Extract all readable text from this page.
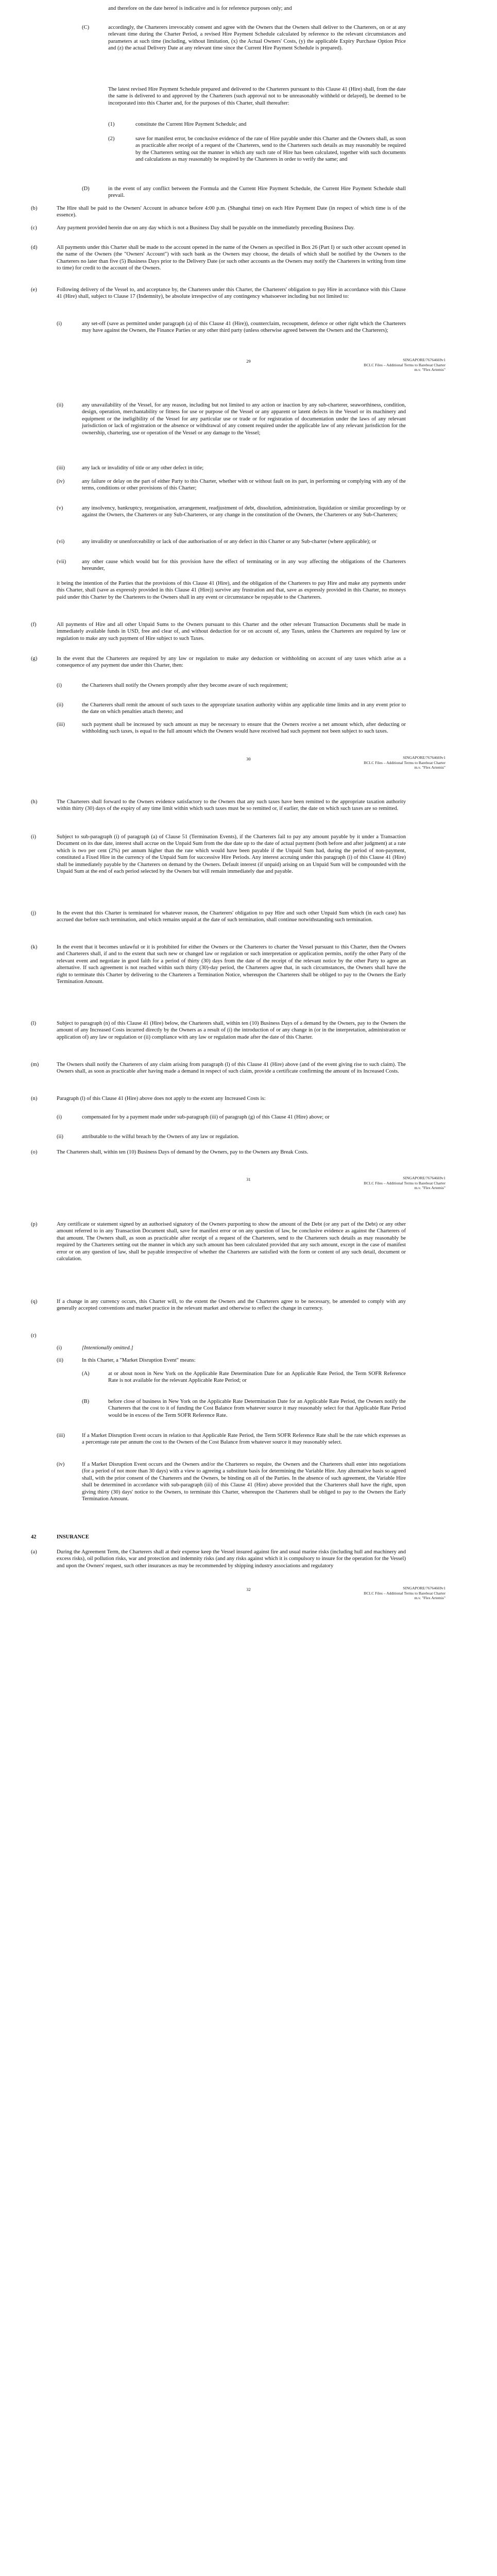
and therefore on the date hereof is indicative and is for reference purposes only; and
(C)	accordingly, the Charterers irrevocably consent and agree with the Owners that the Owners shall deliver to the Charterers, on or at any relevant time during the Charter Period, a revised Hire Payment Schedule calculated by reference to the relevant circumstances and parameters at such time (including, without limitation, (x) the Actual Owners' Costs, (y) the applicable Expiry Purchase Option Price and (z) the actual Delivery Date at any relevant time since the Current Hire Payment Schedule is prepared).
The latest revised Hire Payment Schedule prepared and delivered to the Charterers pursuant to this Clause 41 (Hire) shall, from the date the same is delivered to and approved by the Charterers (such approval not to be unreasonably withheld or delayed), be deemed to be incorporated into this Charter and, for the purposes of this Charter, shall thereafter:
(1)	constitute the Current Hire Payment Schedule; and
(2)	save for manifest error, be conclusive evidence of the rate of Hire payable under this Charter and the Owners shall, as soon as practicable after receipt of a request of the Charterers, send to the Charterers such details as may reasonably be required by the Charterers setting out the manner in which any such rate of Hire has been calculated, together with such documents and calculations as may reasonably be required by the Charterers in order to verify the same; and
(D)	in the event of any conflict between the Formula and the Current Hire Payment Schedule, the Current Hire Payment Schedule shall prevail.
(b)	The Hire shall be paid to the Owners' Account in advance before 4:00 p.m. (Shanghai time) on each Hire Payment Date (in respect of which time is of the essence).
(c)	Any payment provided herein due on any day which is not a Business Day shall be payable on the immediately preceding Business Day.
(d)	All payments under this Charter shall be made to the account opened in the name of the Owners as specified in Box 26 (Part I) or such other account opened in the name of the Owners (the "Owners' Account") with such bank as the Owners may choose, the details of which shall be notified by the Owners to the Charterers no later than five (5) Business Days prior to the Delivery Date (or such other accounts as the Owners may notify the Charterers in writing from time to time) for credit to the account of the Owners.
(e)	Following delivery of the Vessel to, and acceptance by, the Charterers under this Charter, the Charterers' obligation to pay Hire in accordance with this Clause 41 (Hire) shall, subject to Clause 17 (Indemnity), be absolute irrespective of any contingency whatsoever including but not limited to:
(i)	any set-off (save as permitted under paragraph (a) of this Clause 41 (Hire)), counterclaim, recoupment, defence or other right which the Charterers may have against the Owners, the Finance Parties or any other third party (unless otherwise agreed between the Owners and the Charterers);
29	SINGAPORE/76764669v1
BCLC Files – Additional Terms to Bareboat Charter
m.v. "Flex Artemis"
(ii)	any unavailability of the Vessel, for any reason, including but not limited to any action or inaction by any sub-charterer, seaworthiness, condition, design, operation, merchantability or fitness for use or purpose of the Vessel or any apparent or latent defects in the Vessel or its machinery and equipment or the ineligibility of the Vessel for any particular use or trade or for registration of documentation under the laws of any relevant jurisdiction or lack of registration or the absence or withdrawal of any consent required under the applicable law of any relevant jurisdiction for the ownership, chartering, use or operation of the Vessel or any damage to the Vessel;
(iii)	any lack or invalidity of title or any other defect in title;
(iv)	any failure or delay on the part of either Party to this Charter, whether with or without fault on its part, in performing or complying with any of the terms, conditions or other provisions of this Charter;
(v)	any insolvency, bankruptcy, reorganisation, arrangement, readjustment of debt, dissolution, administration, liquidation or similar proceedings by or against the Owners, the Charterers or any Sub-Charterers, or any change in the constitution of the Owners, the Charterers or any Sub-Charterers;
(vi)	any invalidity or unenforceability or lack of due authorisation of or any defect in this Charter or any Sub-charter (where applicable); or
(vii)	any other cause which would but for this provision have the effect of terminating or in any way affecting the obligations of the Charterers hereunder,
it being the intention of the Parties that the provisions of this Clause 41 (Hire), and the obligation of the Charterers to pay Hire and make any payments under this Charter, shall (save as expressly provided in this Clause 41 (Hire)) survive any frustration and that, save as expressly provided in this Charter, no moneys paid under this Charter by the Charterers to the Owners shall in any event or circumstance be repayable to the Charterers.
(f)	All payments of Hire and all other Unpaid Sums to the Owners pursuant to this Charter and the other relevant Transaction Documents shall be made in immediately available funds in USD, free and clear of, and without deduction for or on account of, any Taxes, unless the Charterers are required by law or regulation to make any such payment of Hire subject to such Taxes.
(g)	In the event that the Charterers are required by any law or regulation to make any deduction or withholding on account of any taxes which arise as a consequence of any payment due under this Charter, then:
(i)	the Charterers shall notify the Owners promptly after they become aware of such requirement;
(ii)	the Charterers shall remit the amount of such taxes to the appropriate taxation authority within any applicable time limits and in any event prior to the date on which penalties attach thereto; and
(iii)	such payment shall be increased by such amount as may be necessary to ensure that the Owners receive a net amount which, after deducting or withholding such taxes, is equal to the full amount which the Owners would have received had such payment not been subject to such taxes.
30	SINGAPORE/76764669v1
BCLC Files – Additional Terms to Bareboat Charter
m.v. "Flex Artemis"
(h)	The Charterers shall forward to the Owners evidence satisfactory to the Owners that any such taxes have been remitted to the appropriate taxation authority within thirty (30) days of the expiry of any time limit within which such taxes must be so remitted or, if earlier, the date on which such taxes are so remitted.
(i)	Subject to sub-paragraph (i) of paragraph (a) of Clause 51 (Termination Events), if the Charterers fail to pay any amount payable by it under a Transaction Document on its due date, interest shall accrue on the Unpaid Sum from the due date up to the date of actual payment (both before and after judgment) at a rate which is two per cent (2%) per annum higher than the rate which would have been payable if the Unpaid Sum had, during the period of non-payment, constituted a Fixed Hire in the currency of the Unpaid Sum for successive Hire Periods. Any interest accruing under this paragraph (i) of this Clause 41 (Hire) shall be immediately payable by the Charterers on demand by the Owners. Default interest (if unpaid) arising on an Unpaid Sum will be compounded with the Unpaid Sum at the end of each period selected by the Owners but will remain immediately due and payable.
(j)	In the event that this Charter is terminated for whatever reason, the Charterers' obligation to pay Hire and such other Unpaid Sum which (in each case) has accrued due before such termination, and which remains unpaid at the date of such termination, shall continue notwithstanding such termination.
(k)	In the event that it becomes unlawful or it is prohibited for either the Owners or the Charterers to charter the Vessel pursuant to this Charter, then the Owners and Charterers shall, if and to the extent that such new or changed law or regulation or such interpretation or application permits, notify the other Party of the relevant event and negotiate in good faith for a period of thirty (30) days from the date of the receipt of the relevant notice by the other Party to agree an alternative. If such agreement is not reached within such thirty (30)-day period, the Charterers agree that, in such circumstances, the Owners shall have the right to terminate this Charter by delivering to the Charterers a Termination Notice, whereupon the Charterers shall be obliged to pay to the Owners the Early Termination Amount.
(l)	Subject to paragraph (n) of this Clause 41 (Hire) below, the Charterers shall, within ten (10) Business Days of a demand by the Owners, pay to the Owners the amount of any Increased Costs incurred directly by the Owners as a result of (i) the introduction of or any change in (or in the interpretation, administration or application of) any law or regulation or (ii) compliance with any law or regulation made after the date of this Charter.
(m)	The Owners shall notify the Charterers of any claim arising from paragraph (l) of this Clause 41 (Hire) above (and of the event giving rise to such claim). The Owners shall, as soon as practicable after having made a demand in respect of such claim, provide a certificate confirming the amount of its Increased Costs.
(n)	Paragraph (l) of this Clause 41 (Hire) above does not apply to the extent any Increased Costs is:
(i)	compensated for by a payment made under sub-paragraph (iii) of paragraph (g) of this Clause 41 (Hire) above; or
(ii)	attributable to the wilful breach by the Owners of any law or regulation.
(o)	The Charterers shall, within ten (10) Business Days of demand by the Owners, pay to the Owners any Break Costs.
31	SINGAPORE/76764669v1
BCLC Files – Additional Terms to Bareboat Charter
m.v. "Flex Artemis"
(p)	Any certificate or statement signed by an authorised signatory of the Owners purporting to show the amount of the Debt (or any part of the Debt) or any other amount referred to in any Transaction Document shall, save for manifest error or on any question of law, be conclusive evidence as against the Charterers of that amount. The Owners shall, as soon as practicable after receipt of a request of the Charterers, send to the Charterers such details as may reasonably be required by the Charterers setting out the manner in which any such amount has been calculated provided that any such amount, except in the case of manifest error or on any question of law, shall be payable irrespective of whether the Charterers are satisfied with the form or content of any such detail, document or calculation.
(q)	If a change in any currency occurs, this Charter will, to the extent the Owners and the Charterers agree to be necessary, be amended to comply with any generally accepted conventions and market practice in the relevant market and otherwise to reflect the change in currency.
(r)
(i)	[Intentionally omitted.]
(ii)	In this Charter, a "Market Disruption Event" means:
(A)	at or about noon in New York on the Applicable Rate Determination Date for an Applicable Rate Period, the Term SOFR Reference Rate is not available for the relevant Applicable Rate Period; or
(B)	before close of business in New York on the Applicable Rate Determination Date for an Applicable Rate Period, the Owners notify the Charterers that the cost to it of funding the Cost Balance from whatever source it may reasonably select for that Applicable Rate Period would be in excess of the Term SOFR Reference Rate.
(iii)	If a Market Disruption Event occurs in relation to that Applicable Rate Period, the Term SOFR Reference Rate shall be the rate which expresses as a percentage rate per annum the cost to the Owners of the Cost Balance from whatever source it may reasonably select.
(iv)	If a Market Disruption Event occurs and the Owners and/or the Charterers so require, the Owners and the Charterers shall enter into negotiations (for a period of not more than 30 days) with a view to agreeing a substitute basis for determining the Variable Hire. Any alternative basis so agreed shall, with the prior consent of the Charterers and the Owners, be binding on all of the Parties. In the absence of such agreement, the Variable Hire shall be determined in accordance with sub-paragraph (iii) of this Clause 41 (Hire) above provided that the Charterers shall have the right, upon giving thirty (30) days' notice to the Owners, to terminate this Charter, whereupon the Charterers shall be obliged to pay to the Owners the Early Termination Amount.
42	INSURANCE
(a)	During the Agreement Term, the Charterers shall at their expense keep the Vessel insured against fire and usual marine risks (including hull and machinery and excess risks), oil pollution risks, war and protection and indemnity risks (and any risks against which it is compulsory to insure for the operation for the Vessel) and upon the Owners' request, such other insurances as may be recommended by shipping industry associations and regulatory
32	SINGAPORE/76764669v1
BCLC Files – Additional Terms to Bareboat Charter
m.v. "Flex Artemis"
